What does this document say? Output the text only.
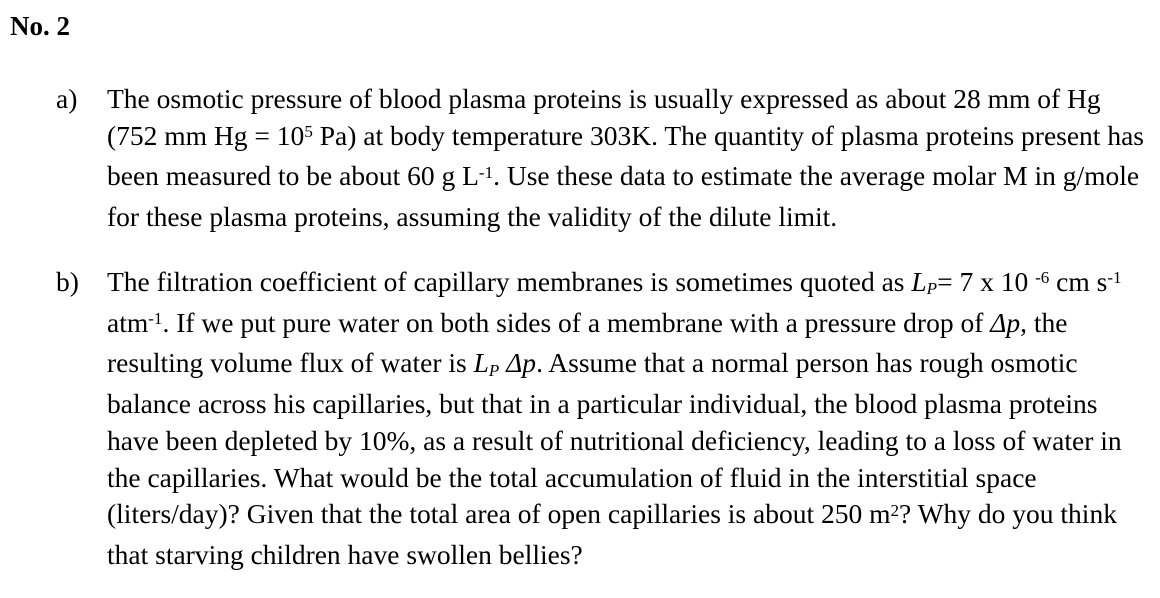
No. 2
a) The osmotic pressure of blood plasma proteins is usually expressed as about 28 mm of Hg (752 mm $Hg = 10^5$ Pa) at body temperature 303K. The quantity of plasma proteins present has been measured to be about 60 g $L^{-1}$. Use these data to estimate the average molar M in g/mole for these plasma proteins, assuming the validity of the dilute limit.
b) The filtration coefficient of capillary membranes is sometimes quoted as $L_P= 7$ x 10 $^{-6}$ cm $s^{-1}$ atm$^{-1}$. If we put pure water on both sides of a membrane with a pressure drop of Δp, the resulting volume flux of water is $L_P$ Δp. Assume that a normal person has rough osmotic balance across his capillaries, but that in a particular individual, the blood plasma proteins have been depleted by 10%, as a result of nutritional deficiency, leading to a loss of water in the capillaries. What would be the total accumulation of fluid in the interstitial space (liters/day)? Given that the total area of open capillaries is about 250 $m^2$? Why do you think that starving children have swollen bellies?
